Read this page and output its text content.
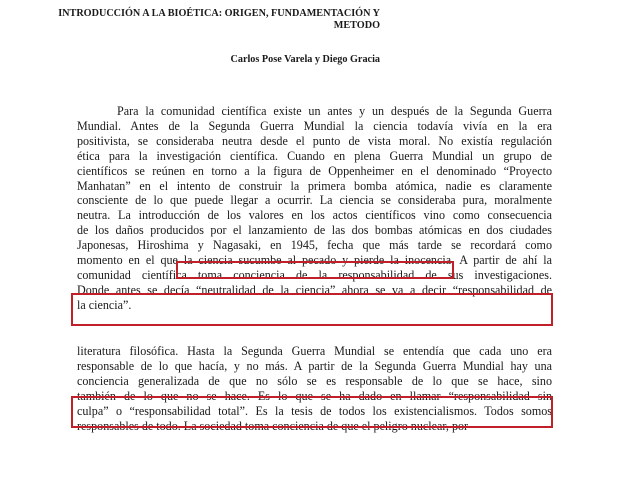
INTRODUCCIÓN A LA BIOÉTICA: ORIGEN, FUNDAMENTACIÓN Y
METODO
Carlos Pose Varela y Diego Gracia
Para la comunidad científica existe un antes y un después de la Segunda Guerra
Mundial. Antes de la Segunda Guerra Mundial la ciencia todavía vivía en la era
positivista, se consideraba neutra desde el punto de vista moral. No existía regulación
ética para la investigación científica. Cuando en plena Guerra Mundial un grupo de
científicos se reúnen en torno a la figura de Oppenheimer en el denominado “Proyecto
Manhatan” en el intento de construir la primera bomba atómica, nadie es claramente
consciente de lo que puede llegar a ocurrir. La ciencia se consideraba pura, moralmente
neutra. La introducción de los valores en los actos científicos vino como consecuencia
de los daños producidos por el lanzamiento de las dos bombas atómicas en dos ciudades
Japonesas, Hiroshima y Nagasaki, en 1945, fecha que más tarde se recordará como
momento en el que la ciencia sucumbe al pecado y pierde la inocencia. A partir de ahí la
comunidad científica toma conciencia de la responsabilidad de sus investigaciones.
Donde antes se decía “neutralidad de la ciencia” ahora se va a decir “responsabilidad de
la ciencia”.
literatura filosófica. Hasta la Segunda Guerra Mundial se entendía que cada uno era
responsable de lo que hacía, y no más. A partir de la Segunda Guerra Mundial hay una
conciencia generalizada de que no sólo se es responsable de lo que se hace, sino
también de lo que no se hace. Es lo que se ha dado en llamar “responsabilidad sin
culpa” o “responsabilidad total”. Es la tesis de todos los existencialismos. Todos somos
responsables de todo. La sociedad toma conciencia de que el peligro nuclear, por
